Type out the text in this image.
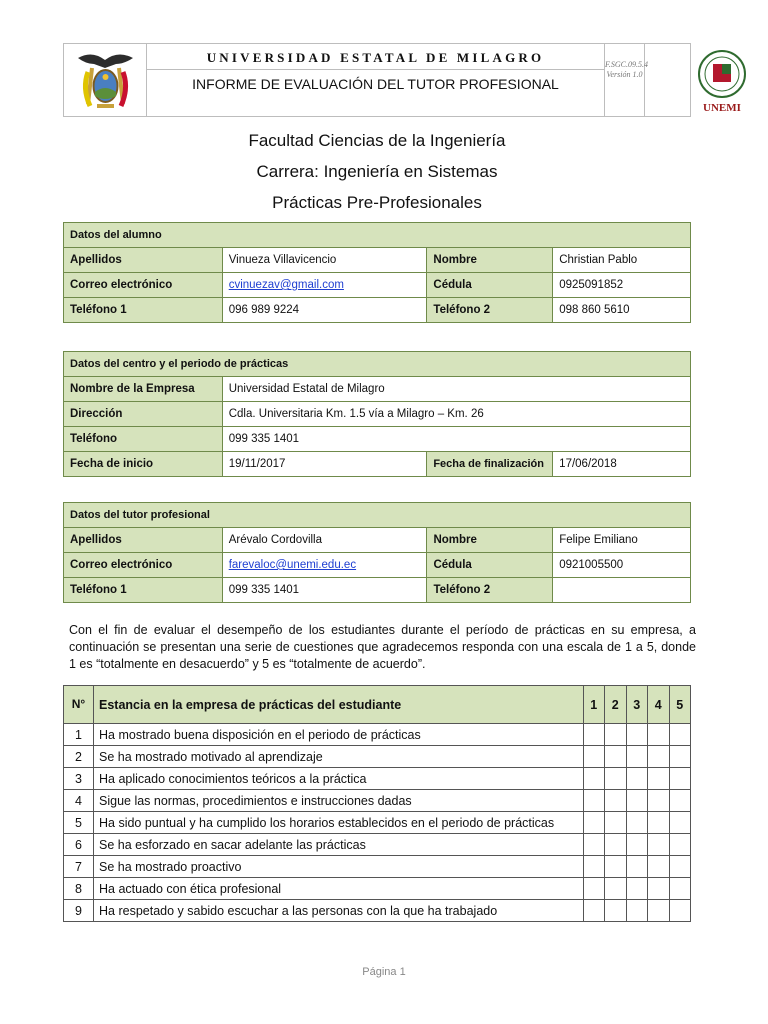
UNIVERSIDAD ESTATAL DE MILAGRO
INFORME DE EVALUACIÓN DEL TUTOR PROFESIONAL
F.SGC.09.5.4
Versión 1.0
UNEMI
Facultad Ciencias de la Ingeniería
Carrera: Ingeniería en Sistemas
Prácticas Pre-Profesionales
Datos del alumno			
Apellidos	Vinueza Villavicencio	Nombre	Christian Pablo
Correo electrónico	cvinuezav@gmail.com	Cédula	0925091852
Teléfono 1	096 989 9224	Teléfono 2	098 860 5610
Datos del centro y el periodo de prácticas			
Nombre de la Empresa	Universidad Estatal de Milagro		
Dirección	Cdla. Universitaria Km. 1.5 vía a Milagro – Km. 26		
Teléfono	099 335 1401		
Fecha de inicio	19/11/2017	Fecha de finalización	17/06/2018
Datos del tutor profesional			
Apellidos	Arévalo Cordovilla	Nombre	Felipe Emiliano
Correo electrónico	farevaloc@unemi.edu.ec	Cédula	0921005500
Teléfono 1	099 335 1401	Teléfono 2	
Con el fin de evaluar el desempeño de los estudiantes durante el período de prácticas en su empresa, a continuación se presentan una serie de cuestiones que agradecemos responda con una escala de 1 a 5, donde 1 es “totalmente en desacuerdo” y 5 es “totalmente de acuerdo”.
N°	Estancia en la empresa de prácticas del estudiante	1	2	3	4	5
1	Ha mostrado buena disposición en el periodo de prácticas					
2	Se ha mostrado motivado al aprendizaje					
3	Ha aplicado conocimientos teóricos a la práctica					
4	Sigue las normas, procedimientos e instrucciones dadas					
5	Ha sido puntual y ha cumplido los horarios establecidos en el periodo de prácticas					
6	Se ha esforzado en sacar adelante las prácticas					
7	Se ha mostrado proactivo					
8	Ha actuado con ética profesional					
9	Ha respetado y sabido escuchar a las personas con la que ha trabajado					
Página 1
